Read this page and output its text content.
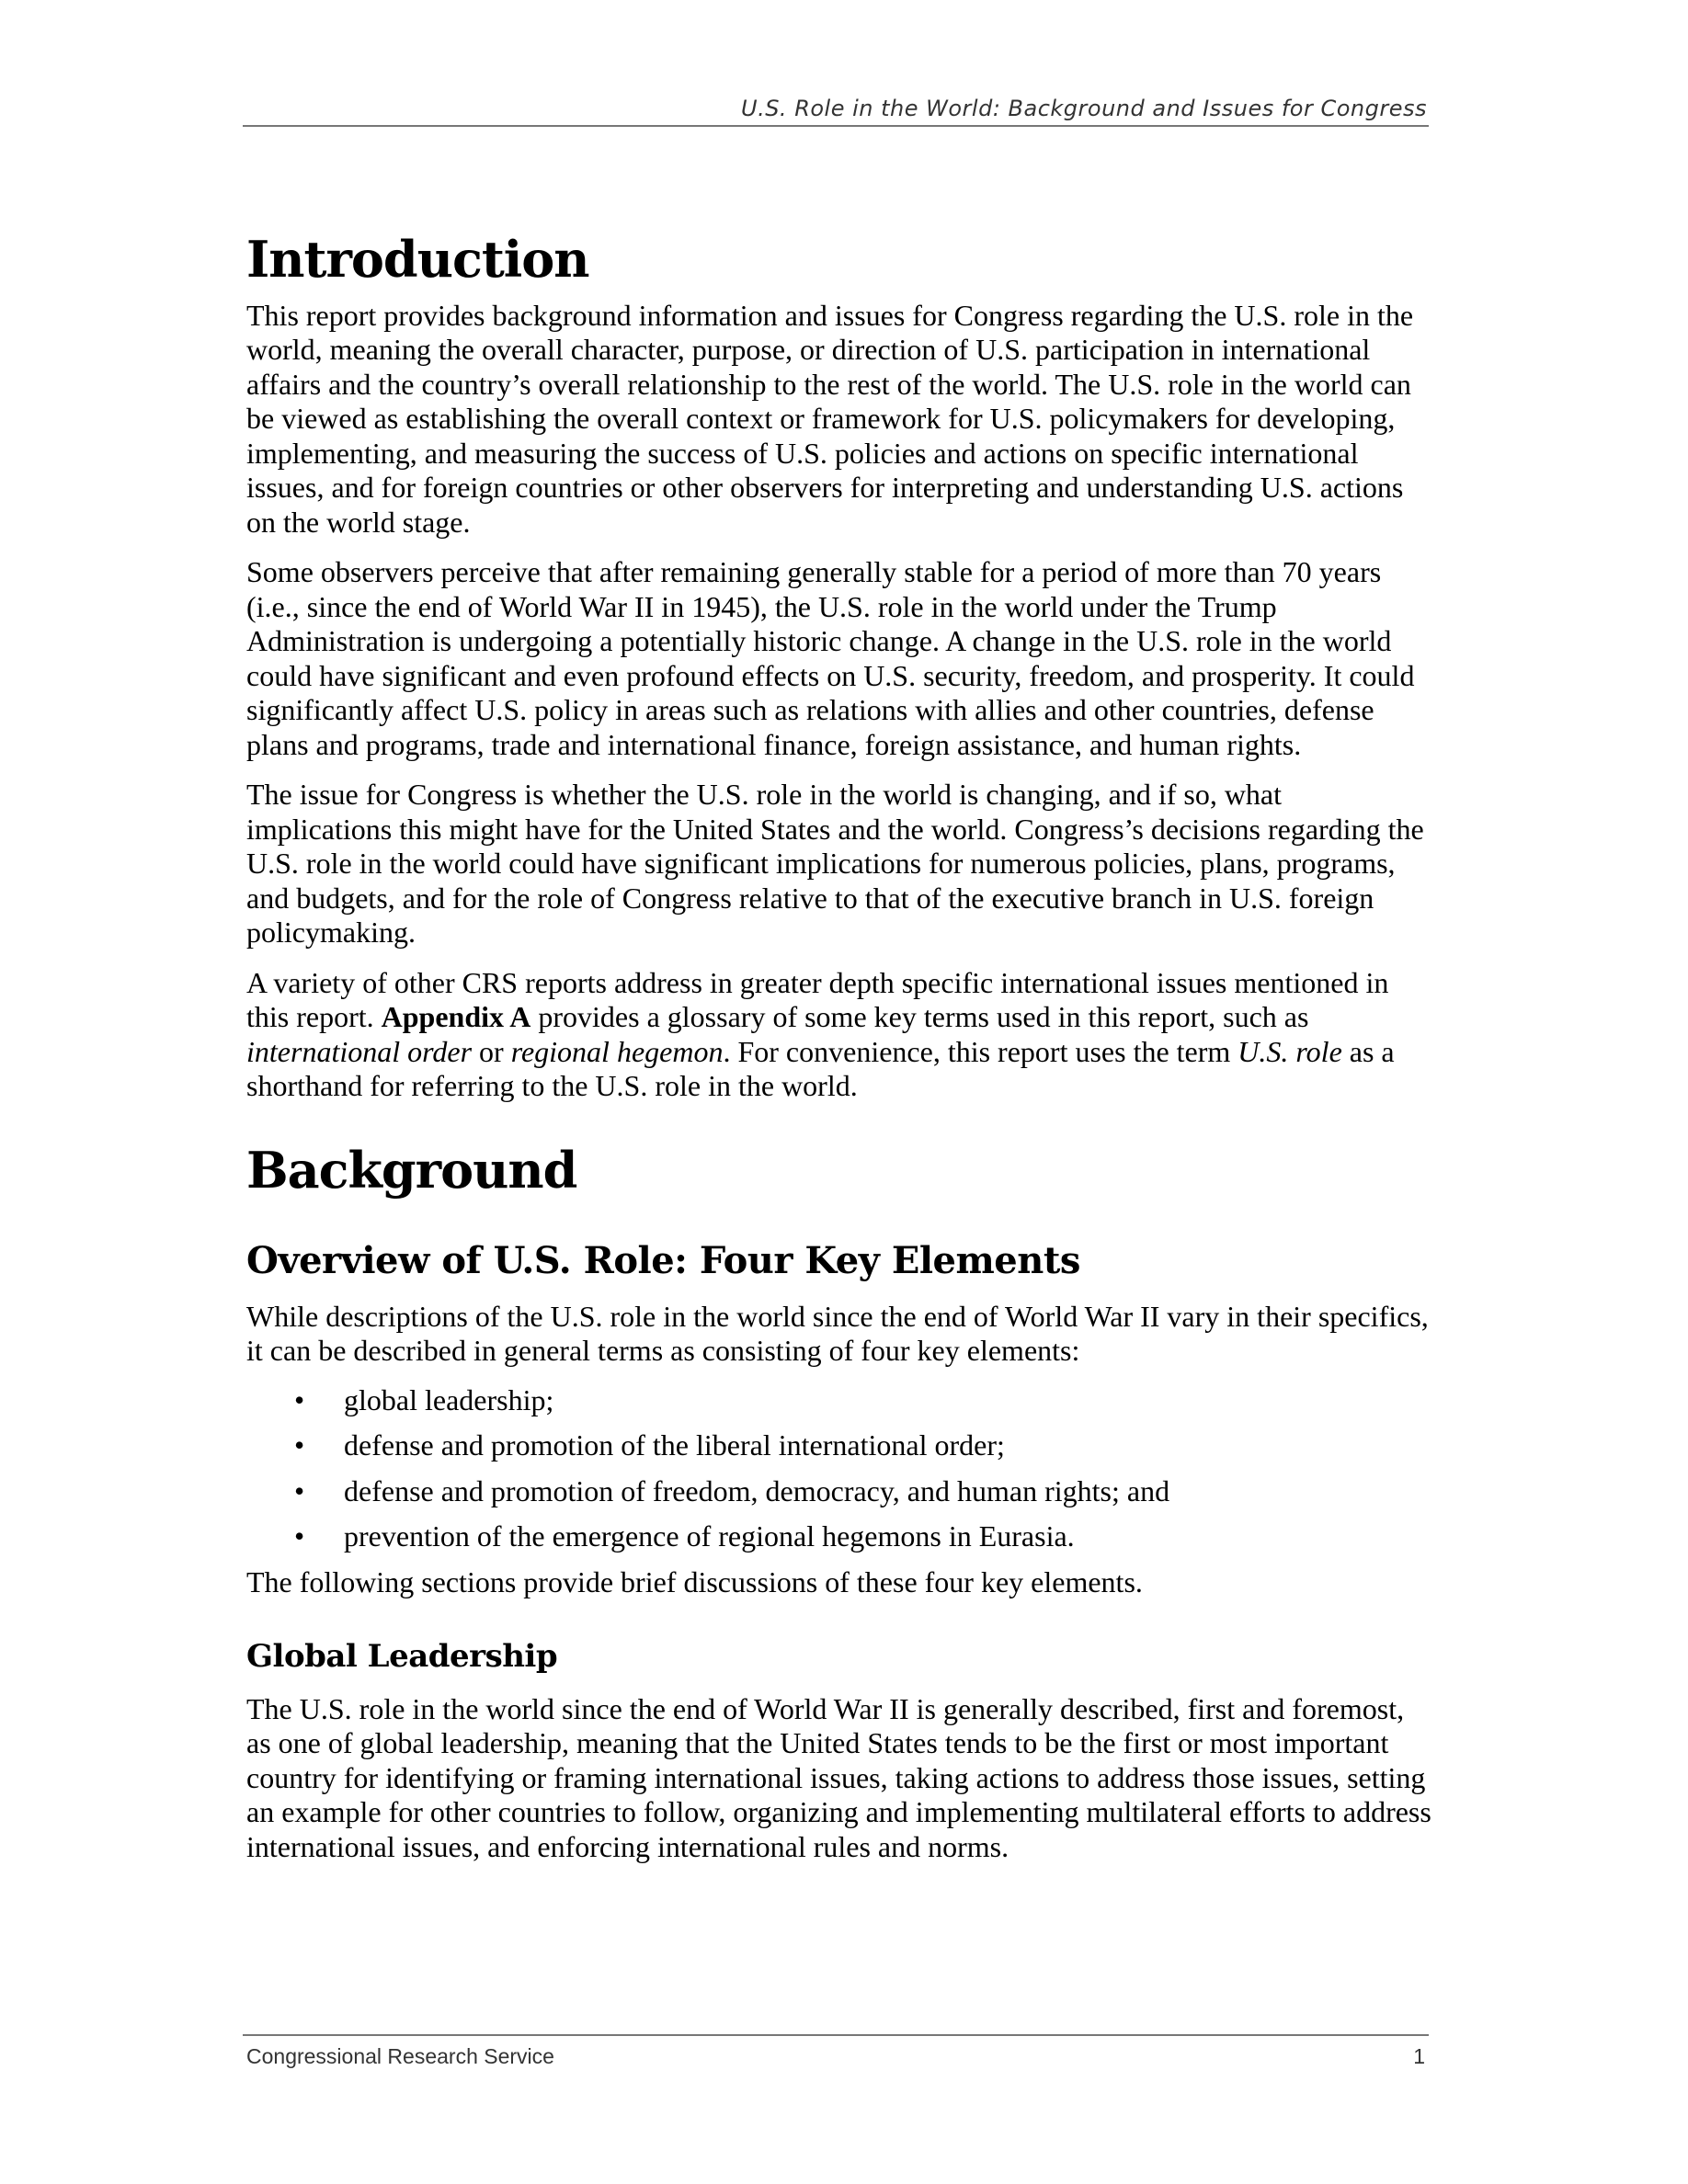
U.S. Role in the World: Background and Issues for Congress
Introduction

This report provides background information and issues for Congress regarding the U.S. role in the world, meaning the overall character, purpose, or direction of U.S. participation in international affairs and the country’s overall relationship to the rest of the world. The U.S. role in the world can be viewed as establishing the overall context or framework for U.S. policymakers for developing, implementing, and measuring the success of U.S. policies and actions on specific international issues, and for foreign countries or other observers for interpreting and understanding U.S. actions on the world stage.

Some observers perceive that after remaining generally stable for a period of more than 70 years (i.e., since the end of World War II in 1945), the U.S. role in the world under the Trump Administration is undergoing a potentially historic change. A change in the U.S. role in the world could have significant and even profound effects on U.S. security, freedom, and prosperity. It could significantly affect U.S. policy in areas such as relations with allies and other countries, defense plans and programs, trade and international finance, foreign assistance, and human rights.

The issue for Congress is whether the U.S. role in the world is changing, and if so, what implications this might have for the United States and the world. Congress’s decisions regarding the U.S. role in the world could have significant implications for numerous policies, plans, programs, and budgets, and for the role of Congress relative to that of the executive branch in U.S. foreign policymaking.

A variety of other CRS reports address in greater depth specific international issues mentioned in this report. Appendix A provides a glossary of some key terms used in this report, such as international order or regional hegemon. For convenience, this report uses the term U.S. role as a shorthand for referring to the U.S. role in the world.

Background
Overview of U.S. Role: Four Key Elements

While descriptions of the U.S. role in the world since the end of World War II vary in their specifics, it can be described in general terms as consisting of four key elements:

• global leadership;
• defense and promotion of the liberal international order;
• defense and promotion of freedom, democracy, and human rights; and
• prevention of the emergence of regional hegemons in Eurasia.

The following sections provide brief discussions of these four key elements.

Global Leadership

The U.S. role in the world since the end of World War II is generally described, first and foremost, as one of global leadership, meaning that the United States tends to be the first or most important country for identifying or framing international issues, taking actions to address those issues, setting an example for other countries to follow, organizing and implementing multilateral efforts to address international issues, and enforcing international rules and norms.

Congressional Research Service	1
